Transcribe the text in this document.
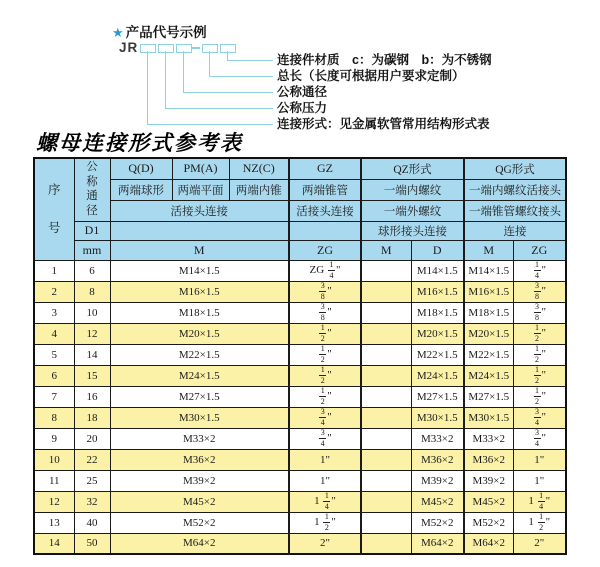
★ 产品代号示例
JR
连接件材质　c：为碳钢　b：为不锈钢
总长（长度可根据用户要求定制）
公称通径
公称压力
连接形式：见金属软管常用结构形式表
螺母连接形式参考表
序
号	公
称
通
径	Q(D)	PM(A)	NZ(C)	GZ	QZ形式		QG形式	
		两端球形	两端平面	两端内锥	两端锥管	一端内螺纹		一端内螺纹活接头	
		活接头连接			活接头连接	一端外螺纹		一端锥管螺纹接头	
	D1					球形接头连接		连接	
	mm	M			ZG	M	D	M	ZG
1	6	M14×1.5			ZG $\frac{1}{4}$ "		M14×1.5	M14×1.5	$\frac{1}{4}$ "
2	8	M16×1.5			$\frac{3}{8}$ "		M16×1.5	M16×1.5	$\frac{3}{8}$ "
3	10	M18×1.5			$\frac{3}{8}$ "		M18×1.5	M18×1.5	$\frac{3}{8}$ "
4	12	M20×1.5			$\frac{1}{2}$ "		M20×1.5	M20×1.5	$\frac{1}{2}$ "
5	14	M22×1.5			$\frac{1}{2}$ "		M22×1.5	M22×1.5	$\frac{1}{2}$ "
6	15	M24×1.5			$\frac{1}{2}$ "		M24×1.5	M24×1.5	$\frac{1}{2}$ "
7	16	M27×1.5			$\frac{1}{2}$ "		M27×1.5	M27×1.5	$\frac{1}{2}$ "
8	18	M30×1.5			$\frac{3}{4}$ "		M30×1.5	M30×1.5	$\frac{3}{4}$ "
9	20	M33×2			$\frac{3}{4}$ "		M33×2	M33×2	$\frac{3}{4}$ "
10	22	M36×2			1"		M36×2	M36×2	1"
11	25	M39×2			1"		M39×2	M39×2	1"
12	32	M45×2			$1 \frac{1}{4}$ "		M45×2	M45×2	$1 \frac{1}{4}$ "
13	40	M52×2			$1 \frac{1}{2}$ "		M52×2	M52×2	$1 \frac{1}{2}$ "
14	50	M64×2			2"		M64×2	M64×2	2"
